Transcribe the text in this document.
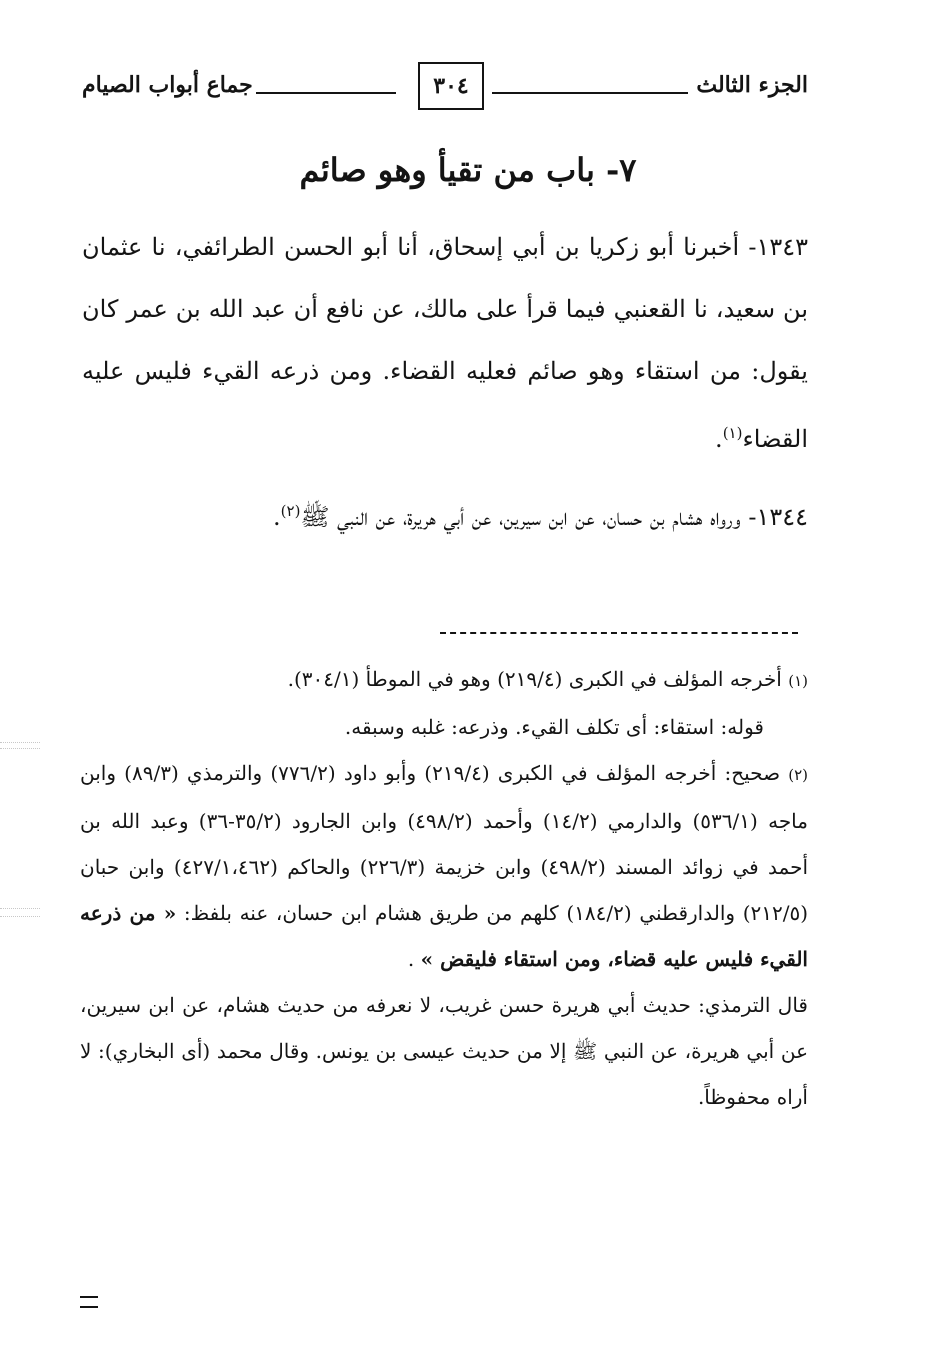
الجزء الثالث
٣٠٤
جماع أبواب الصيام
٧- باب من تقيأ وهو صائم

١٣٤٣- أخبرنا أبو زكريا بن أبي إسحاق، أنا أبو الحسن الطرائفي، نا عثمان بن سعيد، نا القعنبي فيما قرأ على مالك، عن نافع أن عبد الله بن عمر كان يقول: من استقاء وهو صائم فعليه القضاء. ومن ذرعه القيء فليس عليه القضاء$^{(١)}$.

١٣٤٤- ورواه هشام بن حسان، عن ابن سيرين، عن أبي هريرة، عن النبي ﷺ$^{(٢)}$.

(١) أخرجه المؤلف في الكبرى (٢١٩/٤) وهو في الموطأ (٣٠٤/١).

قوله: استقاء: أى تكلف القيء. وذرعه: غلبه وسبقه.

(٢) صحيح: أخرجه المؤلف في الكبرى (٢١٩/٤) وأبو داود (٧٧٦/٢) والترمذي (٨٩/٣) وابن ماجه (٥٣٦/١) والدارمي (١٤/٢) وأحمد (٤٩٨/٢) وابن الجارود (٣٥/٢-٣٦) وعبد الله بن أحمد في زوائد المسند (٤٩٨/٢) وابن خزيمة (٢٢٦/٣) والحاكم (٤٢٧/١،٤٦٢) وابن حبان (٢١٢/٥) والدارقطني (١٨٤/٢) كلهم من طريق هشام ابن حسان، عنه بلفظ: « من ذرعه القيء فليس عليه قضاء، ومن استقاء فليقض » .

قال الترمذي: حديث أبي هريرة حسن غريب، لا نعرفه من حديث هشام، عن ابن سيرين، عن أبي هريرة، عن النبي ﷺ إلا من حديث عيسى بن يونس. وقال محمد (أى البخاري): لا أراه محفوظاً.
